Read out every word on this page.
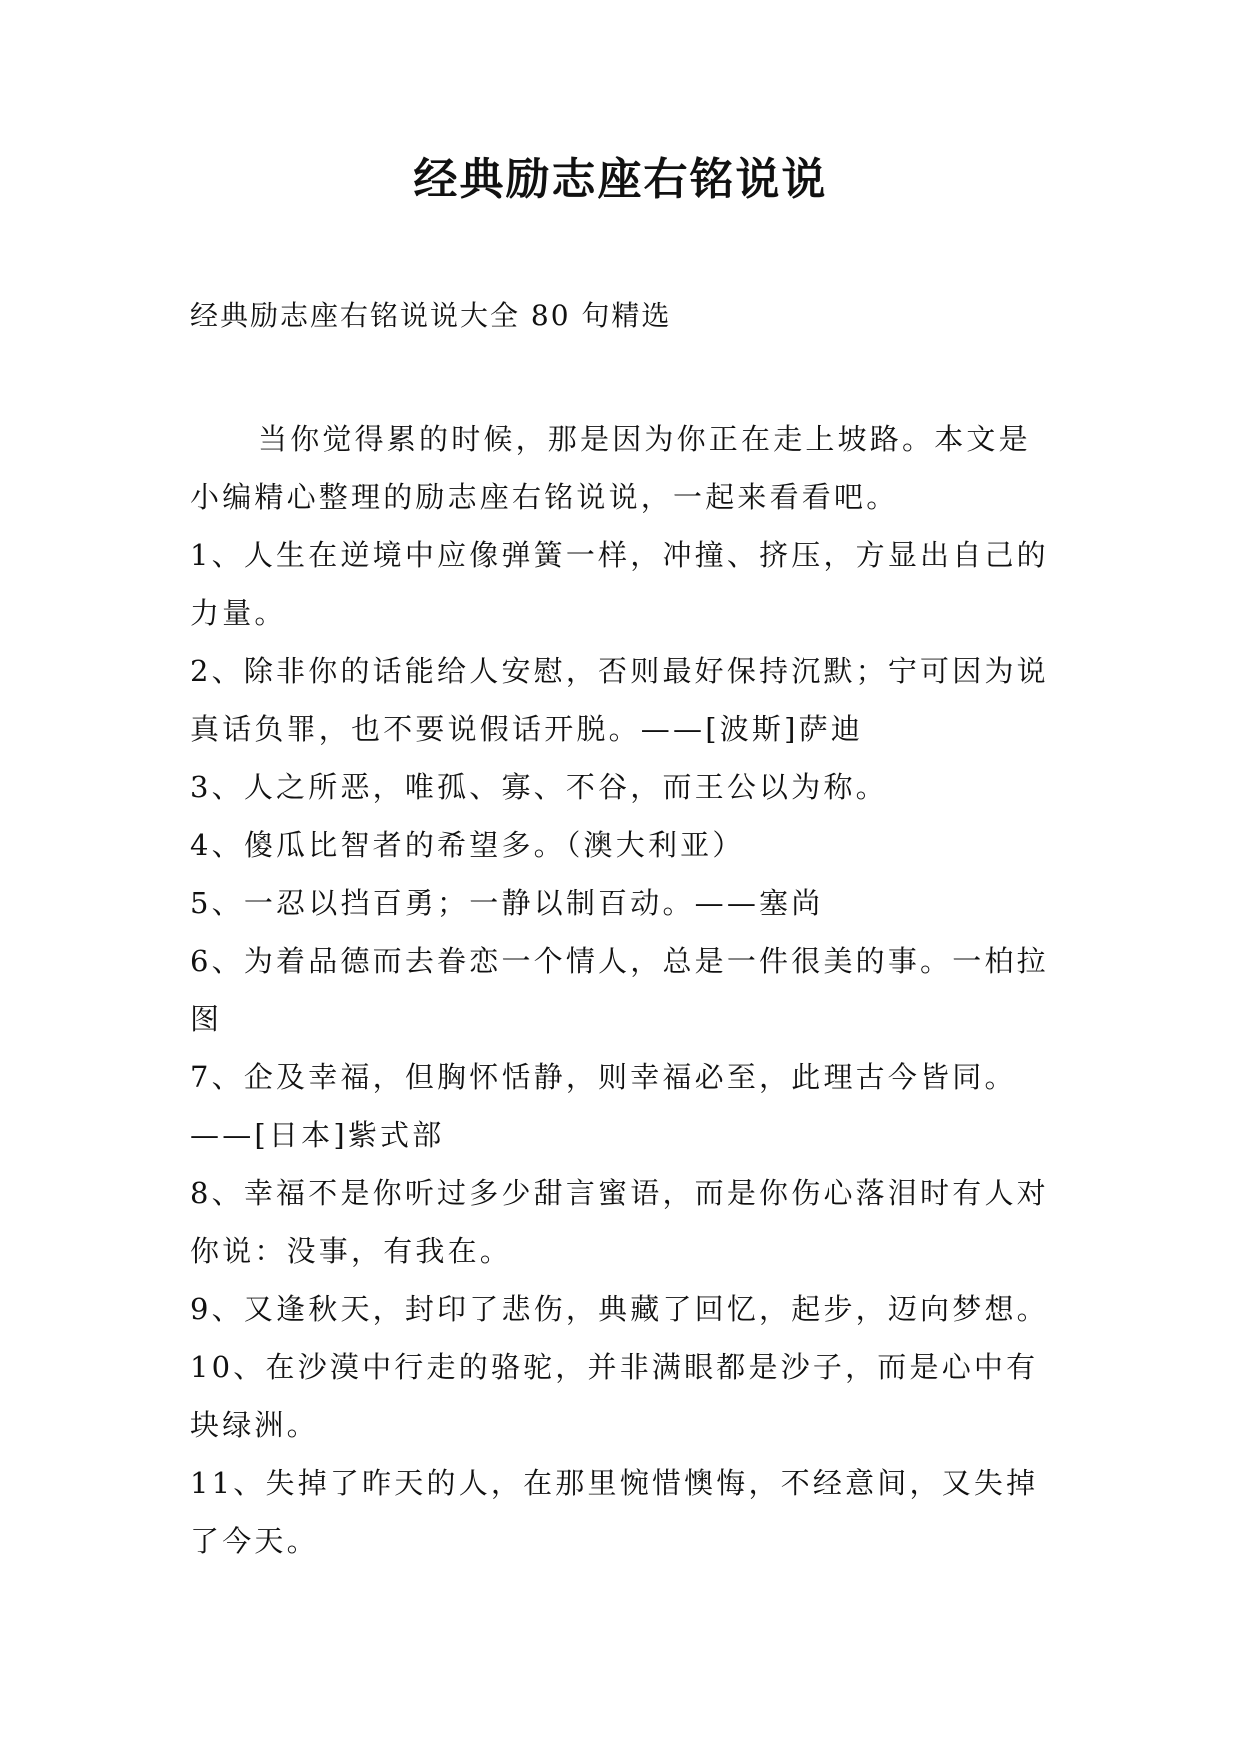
经典励志座右铭说说

经典励志座右铭说说大全 80 句精选

当你觉得累的时候，那是因为你正在走上坡路。本文是小编精心整理的励志座右铭说说，一起来看看吧。

1、人生在逆境中应像弹簧一样，冲撞、挤压，方显出自己的力量。

2、除非你的话能给人安慰，否则最好保持沉默；宁可因为说真话负罪，也不要说假话开脱。——[波斯]萨迪

3、人之所恶，唯孤、寡、不谷，而王公以为称。

4、傻瓜比智者的希望多。（澳大利亚）

5、一忍以挡百勇；一静以制百动。——塞尚

6、为着品德而去眷恋一个情人，总是一件很美的事。一柏拉图

7、企及幸福，但胸怀恬静，则幸福必至，此理古今皆同。——[日本]紫式部

8、幸福不是你听过多少甜言蜜语，而是你伤心落泪时有人对你说：没事，有我在。

9、又逢秋天，封印了悲伤，典藏了回忆，起步，迈向梦想。

10、在沙漠中行走的骆驼，并非满眼都是沙子，而是心中有块绿洲。

11、失掉了昨天的人，在那里惋惜懊悔，不经意间，又失掉了今天。
